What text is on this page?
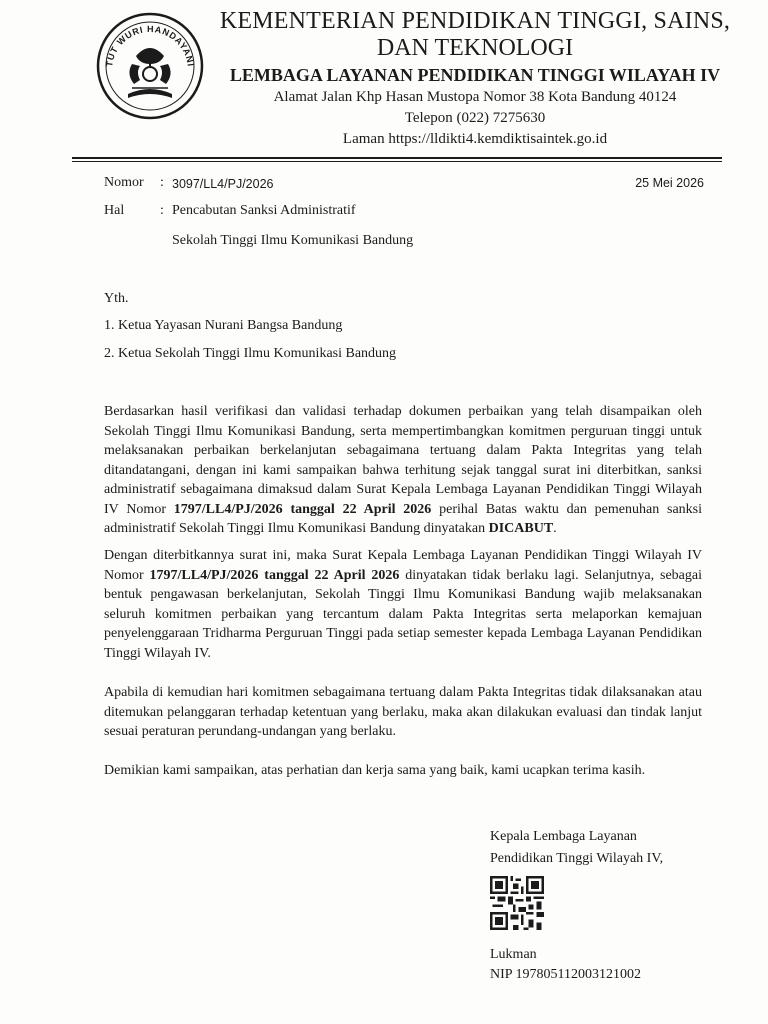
TUT WURI HANDAYANI
KEMENTERIAN PENDIDIKAN TINGGI, SAINS,
DAN TEKNOLOGI
LEMBAGA LAYANAN PENDIDIKAN TINGGI WILAYAH IV
Alamat Jalan Khp Hasan Mustopa Nomor 38 Kota Bandung 40124
Telepon (022) 7275630
Laman https://lldikti4.kemdiktisaintek.go.id
Nomor : 3097/LL4/PJ/2026	25 Mei 2026
Hal	: Pencabutan Sanksi Administratif
Sekolah Tinggi Ilmu Komunikasi Bandung
Yth.
1. Ketua Yayasan Nurani Bangsa Bandung
2. Ketua Sekolah Tinggi Ilmu Komunikasi Bandung
Berdasarkan hasil verifikasi dan validasi terhadap dokumen perbaikan yang telah disampaikan oleh Sekolah Tinggi Ilmu Komunikasi Bandung, serta mempertimbangkan komitmen perguruan tinggi untuk melaksanakan perbaikan berkelanjutan sebagaimana tertuang dalam Pakta Integritas yang telah ditandatangani, dengan ini kami sampaikan bahwa terhitung sejak tanggal surat ini diterbitkan, sanksi administratif sebagaimana dimaksud dalam Surat Kepala Lembaga Layanan Pendidikan Tinggi Wilayah IV Nomor 1797/LL4/PJ/2026 tanggal 22 April 2026 perihal Batas waktu dan pemenuhan sanksi administratif Sekolah Tinggi Ilmu Komunikasi Bandung dinyatakan DICABUT.
Dengan diterbitkannya surat ini, maka Surat Kepala Lembaga Layanan Pendidikan Tinggi Wilayah IV Nomor 1797/LL4/PJ/2026 tanggal 22 April 2026 dinyatakan tidak berlaku lagi. Selanjutnya, sebagai bentuk pengawasan berkelanjutan, Sekolah Tinggi Ilmu Komunikasi Bandung wajib melaksanakan seluruh komitmen perbaikan yang tercantum dalam Pakta Integritas serta melaporkan kemajuan penyelenggaraan Tridharma Perguruan Tinggi pada setiap semester kepada Lembaga Layanan Pendidikan Tinggi Wilayah IV.
Apabila di kemudian hari komitmen sebagaimana tertuang dalam Pakta Integritas tidak dilaksanakan atau ditemukan pelanggaran terhadap ketentuan yang berlaku, maka akan dilakukan evaluasi dan tindak lanjut sesuai peraturan perundang-undangan yang berlaku.
Demikian kami sampaikan, atas perhatian dan kerja sama yang baik, kami ucapkan terima kasih.
Kepala Lembaga Layanan
Pendidikan Tinggi Wilayah IV,
Lukman
NIP 197805112003121002
